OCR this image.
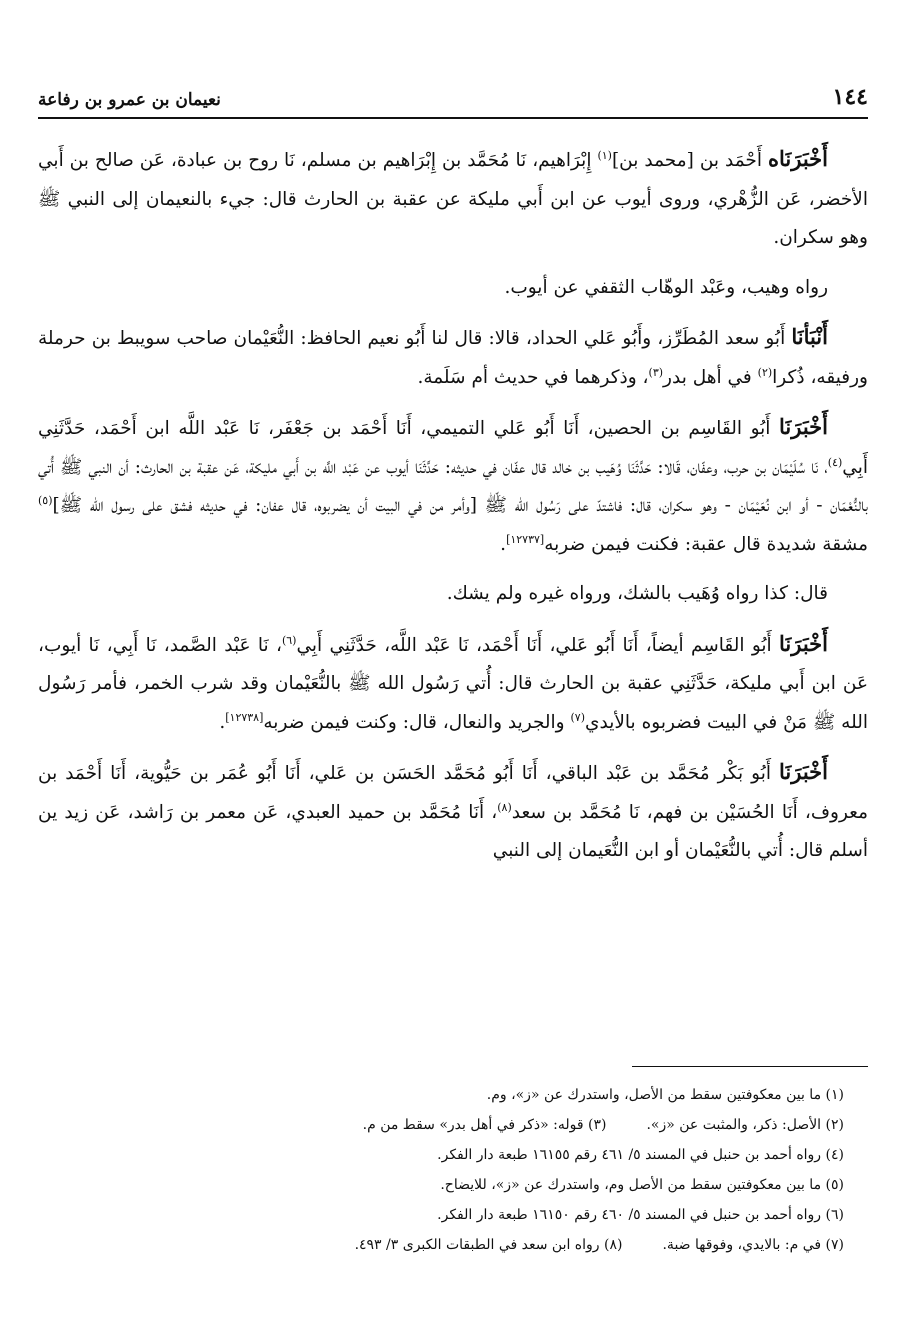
١٤٤
نعيمان بن عمرو بن رفاعة

أَخْبَرَنَاه أَحْمَد بن [محمد بن]$^{(١)}$ إِبْرَاهيم، نَا مُحَمَّد بن إِبْرَاهيم بن مسلم، نَا روح بن عبادة، عَن صالح بن أَبي الأخضر، عَن الزُّهْري، وروى أيوب عن ابن أَبي مليكة عن عقبة بن الحارث قال: جيء بالنعيمان إلى النبي ﷺ وهو سكران.

رواه وهيب، وعَبْد الوهّاب الثقفي عن أيوب.

أَنْبَأنَا أَبُو سعد المُطَرِّز، وأَبُو عَلي الحداد، قالا: قال لنا أَبُو نعيم الحافظ: النُّعَيْمان صاحب سويبط بن حرملة ورفيقه، ذُكرا$^{(٢)}$ في أهل بدر$^{(٣)}$، وذكرهما في حديث أم سَلَمة.

أَخْبَرَنَا أَبُو القَاسِم بن الحصين، أَنَا أَبُو عَلي التميمي، أَنَا أَحْمَد بن جَعْفَر، نَا عَبْد اللَّه ابن أَحْمَد، حَدَّثَنِي أَبِي$^{(٤)}$، نَا سُلَيْمَان بن حرب، وعفّان، قَالا: حَدَّثَنَا وُهَيب بن خالد قال عفّان في حديثه: حَدَّثَنَا أيوب عن عَبْد اللَّه بن أَبي مليكة، عَن عقبة بن الحارث: أن النبي ﷺ أُتي بالنُّعْمَان - أو ابن نُعَيْمَان - وهو سكران، قال: فاشتدّ على رَسُول الله ﷺ [وأمر من في البيت أن يضربوه، قال عفان: في حديثه فشق على رسول الله ﷺ]$^{(٥)}$ مشقة شديدة قال عقبة: فكنت فيمن ضربه[١٢٧٣٧].

قال: كذا رواه وُهَيب بالشك، ورواه غيره ولم يشك.

أَخْبَرَنَا أَبُو القَاسِم أيضاً، أَنَا أَبُو عَلي، أَنَا أَحْمَد، نَا عَبْد اللَّه، حَدَّثَنِي أَبِي$^{(٦)}$، نَا عَبْد الصَّمد، نَا أَبِي، نَا أيوب، عَن ابن أَبي مليكة، حَدَّثَنِي عقبة بن الحارث قال: أُتي رَسُول الله ﷺ بالنُّعَيْمان وقد شرب الخمر، فأمر رَسُول الله ﷺ مَنْ في البيت فضربوه بالأيدي$^{(٧)}$ والجريد والنعال، قال: وكنت فيمن ضربه[١٢٧٣٨].

أَخْبَرَنَا أَبُو بَكْر مُحَمَّد بن عَبْد الباقي، أَنَا أَبُو مُحَمَّد الحَسَن بن عَلي، أَنَا أَبُو عُمَر بن حَيُّوية، أَنَا أَحْمَد بن معروف، أَنَا الحُسَيْن بن فهم، نَا مُحَمَّد بن سعد$^{(٨)}$، أَنَا مُحَمَّد بن حميد العبدي، عَن معمر بن رَاشد، عَن زيد ين أسلم قال: أُتي بالنُّعَيْمان أو ابن النُّعَيمان إلى النبي

(١) ما بين معكوفتين سقط من الأصل، واستدرك عن «ز»، وم.

(٢) الأصل: ذكر، والمثبت عن «ز».(٣) قوله: «ذكر في أهل بدر» سقط من م.

(٤) رواه أحمد بن حنبل في المسند ٥/ ٤٦١ رقم ١٦١٥٥ طبعة دار الفكر.

(٥) ما بين معكوفتين سقط من الأصل وم، واستدرك عن «ز»، للايضاح.

(٦) رواه أحمد بن حنبل في المسند ٥/ ٤٦٠ رقم ١٦١٥٠ طبعة دار الفكر.

(٧) في م: بالايدي، وفوقها ضبة.(٨) رواه ابن سعد في الطبقات الكبرى ٣/ ٤٩٣.
